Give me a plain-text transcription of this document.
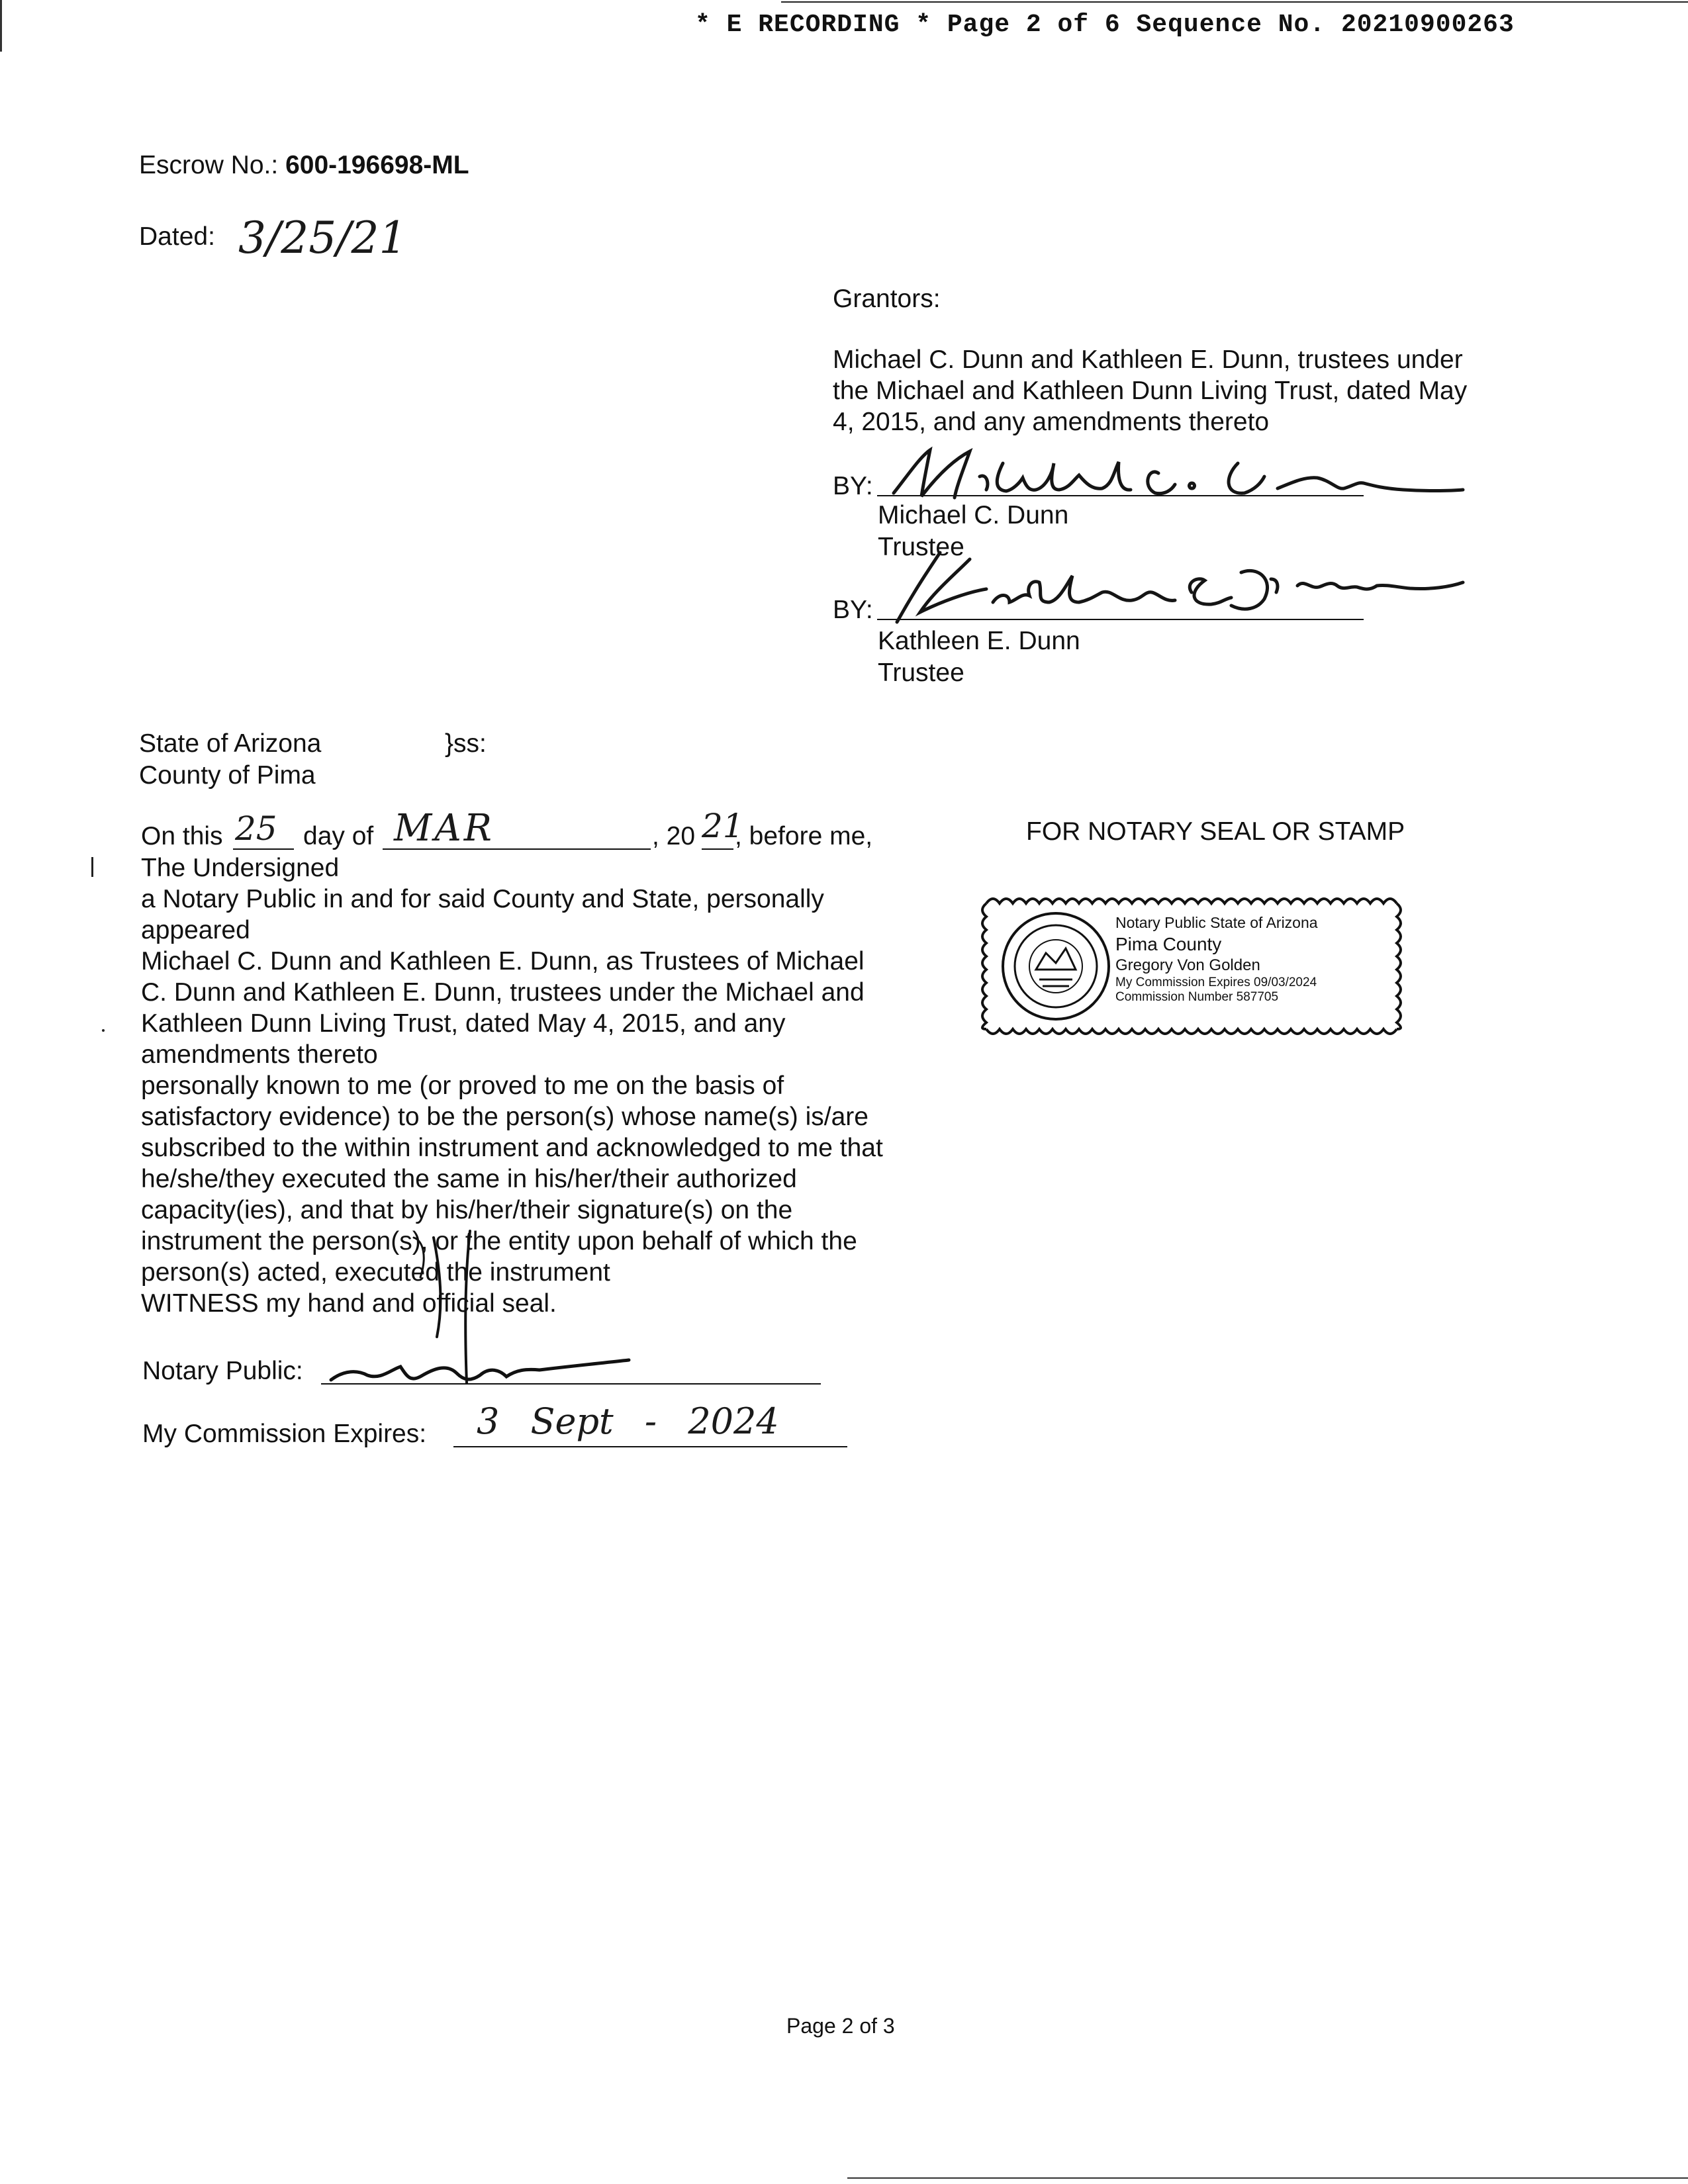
* E RECORDING * Page 2 of 6 Sequence No. 20210900263
Escrow No.: 600-196698-ML
Dated: 3/25/21
Grantors:
Michael C. Dunn and Kathleen E. Dunn, trustees under
the Michael and Kathleen Dunn Living Trust, dated May
4, 2015, and any amendments thereto
BY:
Michael C. Dunn
Trustee
BY:
Kathleen E. Dunn
Trustee
State of Arizona	}ss:
County of Pima
On this 25 day of MAR	, 20 21
, before me,
The Undersigned
a Notary Public in and for said County and State, personally
appeared
Michael C. Dunn and Kathleen E. Dunn, as Trustees of Michael
C. Dunn and Kathleen E. Dunn, trustees under the Michael and
Kathleen Dunn Living Trust, dated May 4, 2015, and any
amendments thereto
personally known to me (or proved to me on the basis of
satisfactory evidence) to be the person(s) whose name(s) is/are
subscribed to the within instrument and acknowledged to me that
he/she/they executed the same in his/her/their authorized
capacity(ies), and that by his/her/their signature(s) on the
instrument the person(s), or the entity upon behalf of which the
person(s) acted, executed the instrument
WITNESS my hand and official seal.
Notary Public:
My Commission Expires: 3 Sept - 2024
FOR NOTARY SEAL OR STAMP
Notary Public State of Arizona
Pima County
Gregory Von Golden
My Commission Expires 09/03/2024
Commission Number 587705
Page 2 of 3
